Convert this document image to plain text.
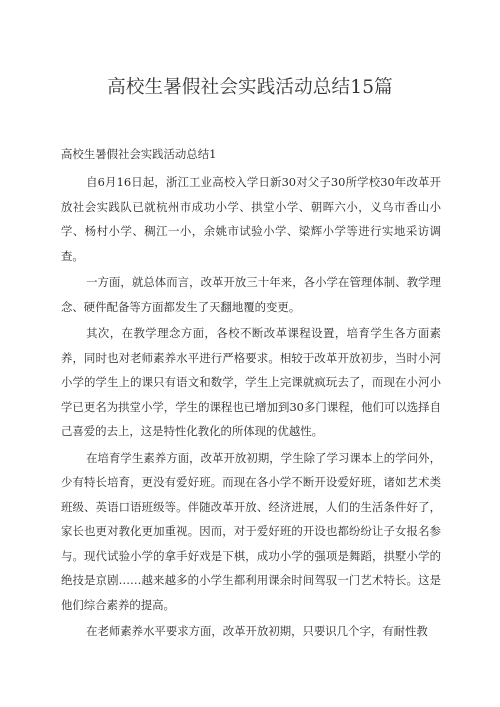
高校生暑假社会实践活动总结15篇
高校生暑假社会实践活动总结1

自6月16日起，浙江工业高校入学日新30对父子30所学校30年改革开放社会实践队已就杭州市成功小学、拱堂小学、朝晖六小，义乌市香山小学、杨村小学、稠江一小，余姚市试验小学、梁辉小学等进行实地采访调查。

一方面，就总体而言，改革开放三十年来，各小学在管理体制、教学理念、硬件配备等方面都发生了天翻地覆的变更。

其次，在教学理念方面，各校不断改革课程设置，培育学生各方面素养，同时也对老师素养水平进行严格要求。相较于改革开放初步，当时小河小学的学生上的课只有语文和数学，学生上完课就疯玩去了，而现在小河小学已更名为拱堂小学，学生的课程也已增加到30多门课程，他们可以选择自己喜爱的去上，这是特性化教化的所体现的优越性。

在培育学生素养方面，改革开放初期，学生除了学习课本上的学问外，少有特长培育，更没有爱好班。而现在各小学不断开设爱好班，诸如艺术类班级、英语口语班级等。伴随改革开放、经济进展，人们的生活条件好了，家长也更对教化更加重视。因而，对于爱好班的开设也都纷纷让子女报名参与。现代试验小学的拿手好戏是下棋，成功小学的强项是舞蹈，拱墅小学的绝技是京剧……越来越多的小学生都利用课余时间驾驭一门艺术特长。这是他们综合素养的提高。

在老师素养水平要求方面，改革开放初期，只要识几个字，有耐性教
